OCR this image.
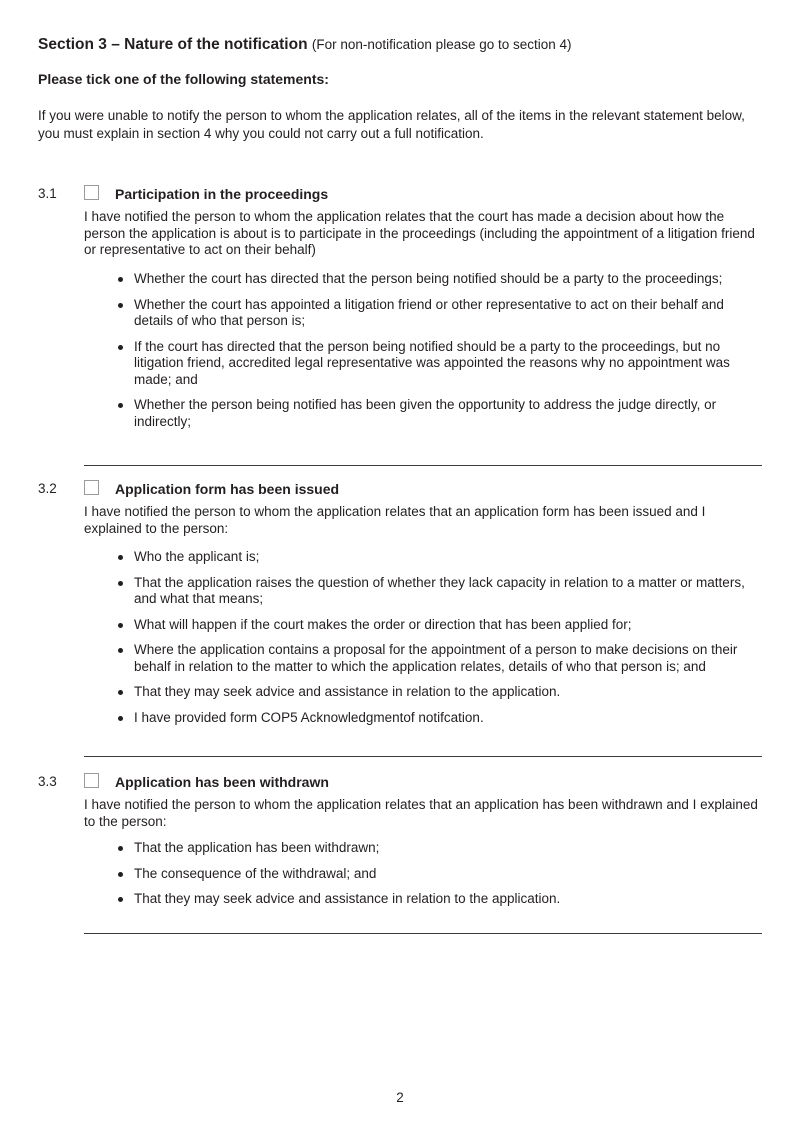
Section 3 – Nature of the notification (For non-notification please go to section 4)
Please tick one of the following statements:
If you were unable to notify the person to whom the application relates, all of the items in the relevant statement below, you must explain in section 4 why you could not carry out a full notification.
3.1	Participation in the proceedings
I have notified the person to whom the application relates that the court has made a decision about how the person the application is about is to participate in the proceedings (including the appointment of a litigation friend or representative to act on their behalf)
Whether the court has directed that the person being notified should be a party to the proceedings;
Whether the court has appointed a litigation friend or other representative to act on their behalf and details of who that person is;
If the court has directed that the person being notified should be a party to the proceedings, but no litigation friend, accredited legal representative was appointed the reasons why no appointment was made; and
Whether the person being notified has been given the opportunity to address the judge directly, or indirectly;
3.2	Application form has been issued
I have notified the person to whom the application relates that an application form has been issued and I explained to the person:
Who the applicant is;
That the application raises the question of whether they lack capacity in relation to a matter or matters, and what that means;
What will happen if the court makes the order or direction that has been applied for;
Where the application contains a proposal for the appointment of a person to make decisions on their behalf in relation to the matter to which the application relates, details of who that person is; and
That they may seek advice and assistance in relation to the application.
I have provided form COP5 Acknowledgmentof notifcation.
3.3	Application has been withdrawn
I have notified the person to whom the application relates that an application has been withdrawn and I explained to the person:
That the application has been withdrawn;
The consequence of the withdrawal; and
That they may seek advice and assistance in relation to the application.
2
